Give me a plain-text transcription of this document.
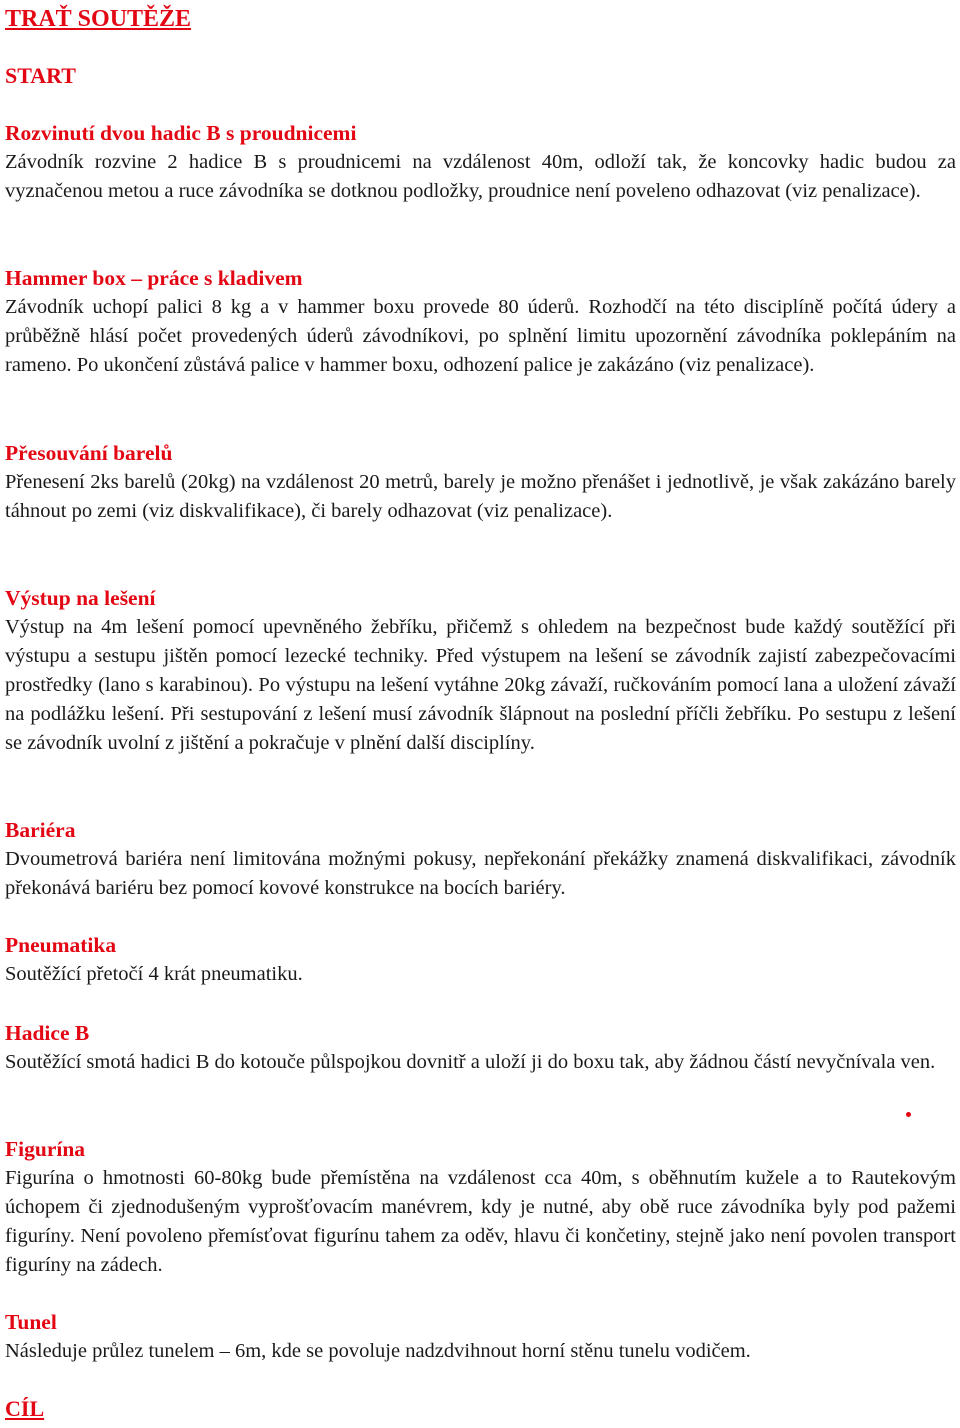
TRAŤ SOUTĚŽE
START
Rozvinutí dvou hadic B s proudnicemi

Závodník rozvine 2 hadice B s proudnicemi na vzdálenost 40m, odloží tak, že koncovky hadic budou za vyznačenou metou a ruce závodníka se dotknou podložky, proudnice není poveleno odhazovat (viz penalizace).

Hammer box – práce s kladivem

Závodník uchopí palici 8 kg a v hammer boxu provede 80 úderů. Rozhodčí na této disciplíně počítá údery a průběžně hlásí počet provedených úderů závodníkovi, po splnění limitu upozornění závodníka poklepáním na rameno. Po ukončení zůstává palice v hammer boxu, odhození palice je zakázáno (viz penalizace).

Přesouvání barelů

Přenesení 2ks barelů (20kg) na vzdálenost 20 metrů, barely je možno přenášet i jednotlivě, je však zakázáno barely táhnout po zemi (viz diskvalifikace), či barely odhazovat (viz penalizace).

Výstup na lešení

Výstup na 4m lešení pomocí upevněného žebříku, přičemž s ohledem na bezpečnost bude každý soutěžící při výstupu a sestupu jištěn pomocí lezecké techniky. Před výstupem na lešení se závodník zajistí zabezpečovacími prostředky (lano s karabinou). Po výstupu na lešení vytáhne 20kg závaží, ručkováním pomocí lana a uložení závaží na podlážku lešení. Při sestupování z lešení musí závodník šlápnout na poslední příčli žebříku. Po sestupu z lešení se závodník uvolní z jištění a pokračuje v plnění další disciplíny.

Bariéra

Dvoumetrová bariéra není limitována možnými pokusy, nepřekonání překážky znamená diskvalifikaci, závodník překonává bariéru bez pomocí kovové konstrukce na bocích bariéry.

Pneumatika

Soutěžící přetočí 4 krát pneumatiku.

Hadice B

Soutěžící smotá hadici B do kotouče půlspojkou dovnitř a uloží ji do boxu tak, aby žádnou částí nevyčnívala ven.

Figurína

Figurína o hmotnosti 60-80kg bude přemístěna na vzdálenost cca 40m, s oběhnutím kužele a to Rautekovým úchopem či zjednodušeným vyprošťovacím manévrem, kdy je nutné, aby obě ruce závodníka byly pod pažemi figuríny. Není povoleno přemísťovat figurínu tahem za oděv, hlavu či končetiny, stejně jako není povolen transport figuríny na zádech.

Tunel

Následuje průlez tunelem – 6m, kde se povoluje nadzdvihnout horní stěnu tunelu vodičem.

CÍL
